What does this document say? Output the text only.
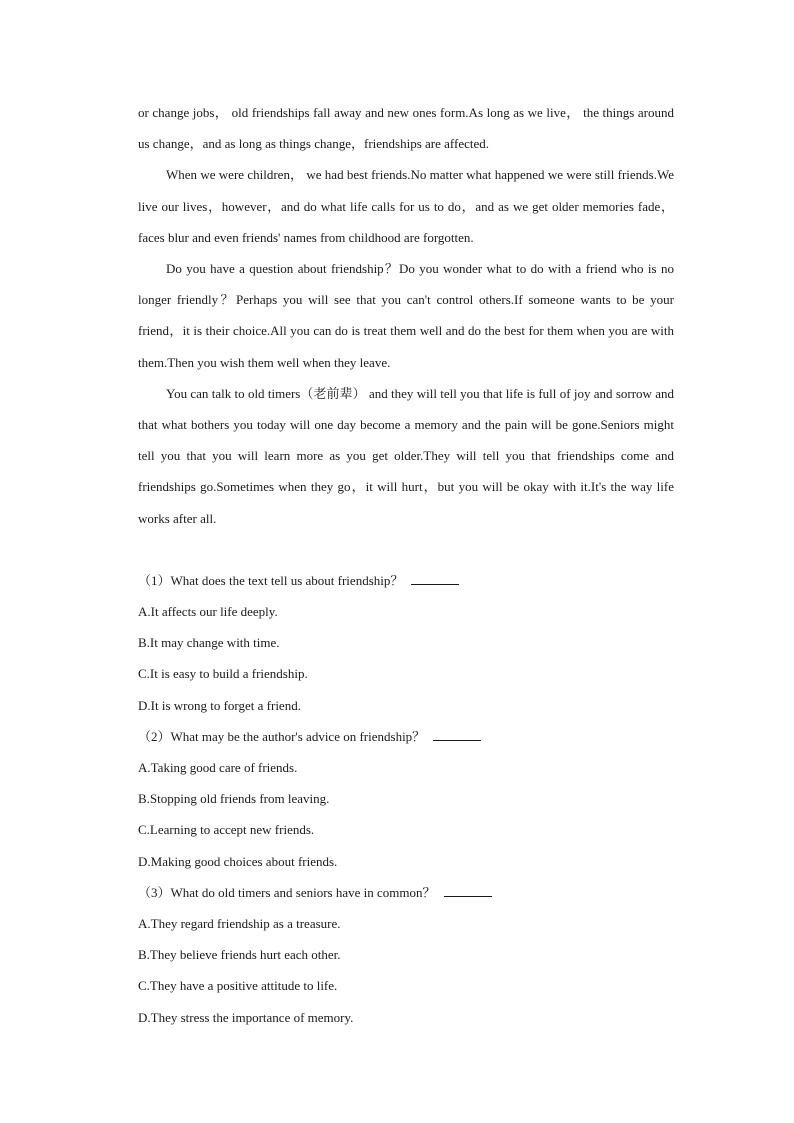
or change jobs， old friendships fall away and new ones form.As long as we live， the things around us change，and as long as things change，friendships are affected.

When we were children， we had best friends.No matter what happened we were still friends.We live our lives，however，and do what life calls for us to do，and as we get older memories fade，faces blur and even friends' names from childhood are forgotten.

Do you have a question about friendship？Do you wonder what to do with a friend who is no longer friendly？Perhaps you will see that you can't control others.If someone wants to be your friend，it is their choice.All you can do is treat them well and do the best for them when you are with them.Then you wish them well when they leave.

You can talk to old timers（老前辈） and they will tell you that life is full of joy and sorrow and that what bothers you today will one day become a memory and the pain will be gone.Seniors might tell you that you will learn more as you get older.They will tell you that friendships come and friendships go.Sometimes when they go，it will hurt，but you will be okay with it.It's the way life works after all.

（1）What does the text tell us about friendship？

A.It affects our life deeply.

B.It may change with time.

C.It is easy to build a friendship.

D.It is wrong to forget a friend.

（2）What may be the author's advice on friendship？

A.Taking good care of friends.

B.Stopping old friends from leaving.

C.Learning to accept new friends.

D.Making good choices about friends.

（3）What do old timers and seniors have in common？

A.They regard friendship as a treasure.

B.They believe friends hurt each other.

C.They have a positive attitude to life.

D.They stress the importance of memory.
